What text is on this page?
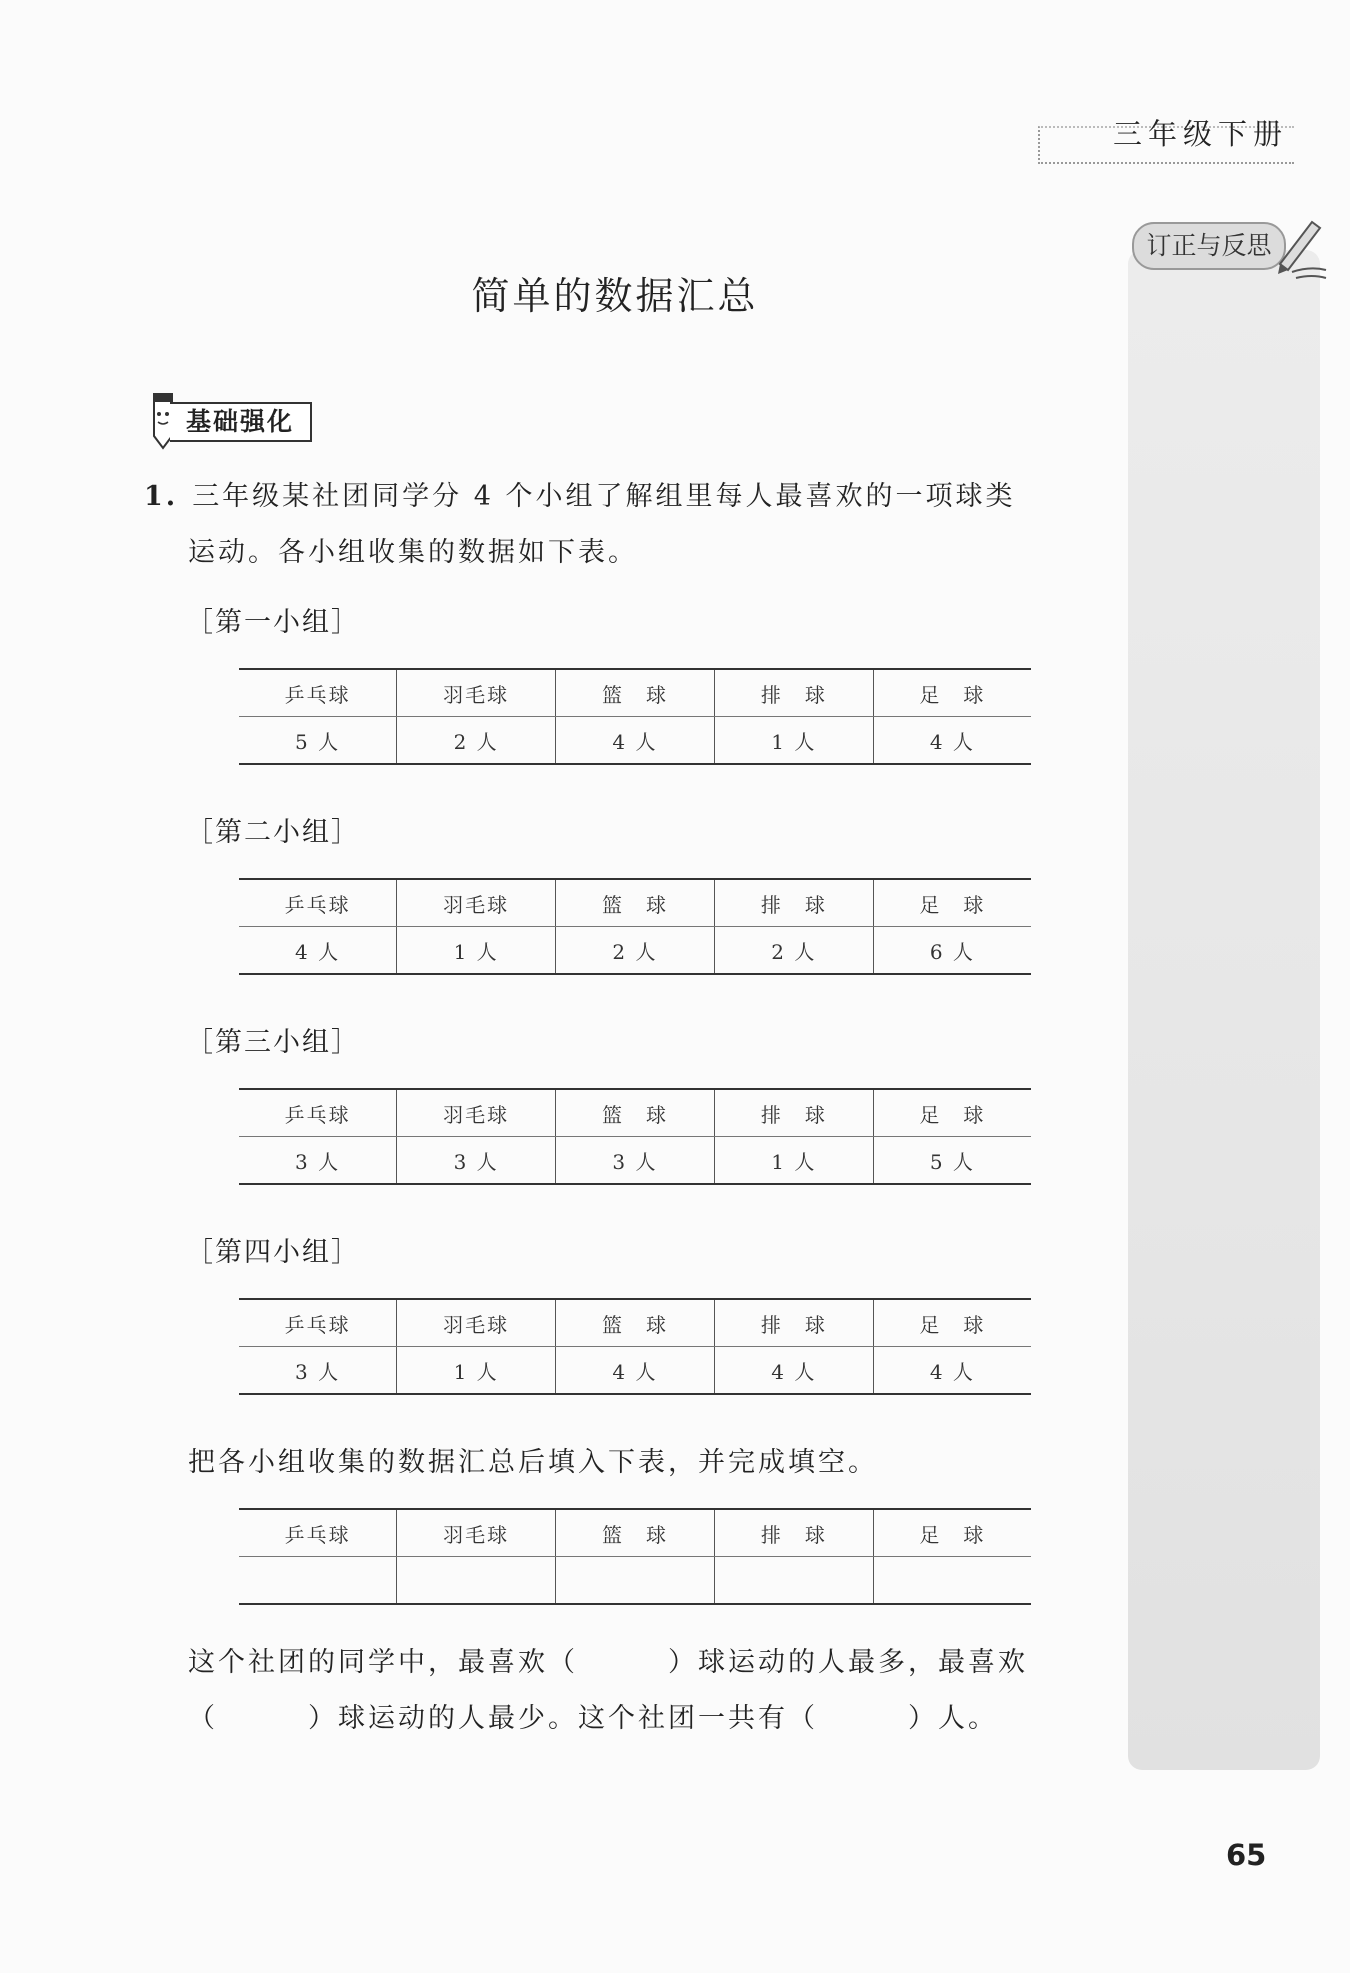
三年级下册
订正与反思
简单的数据汇总
基础强化
1. 三年级某社团同学分 4 个小组了解组里每人最喜欢的一项球类
运动。各小组收集的数据如下表。
［第一小组］
乒乓球	羽毛球	篮　球	排　球	足　球
5 人	2 人	4 人	1 人	4 人
［第二小组］
乒乓球	羽毛球	篮　球	排　球	足　球
4 人	1 人	2 人	2 人	6 人
［第三小组］
乒乓球	羽毛球	篮　球	排　球	足　球
3 人	3 人	3 人	1 人	5 人
［第四小组］
乒乓球	羽毛球	篮　球	排　球	足　球
3 人	1 人	4 人	4 人	4 人
把各小组收集的数据汇总后填入下表，并完成填空。
乒乓球	羽毛球	篮　球	排　球	足　球

这个社团的同学中，最喜欢（　　　）球运动的人最多，最喜欢
（　　　）球运动的人最少。这个社团一共有（　　　）人。
65
